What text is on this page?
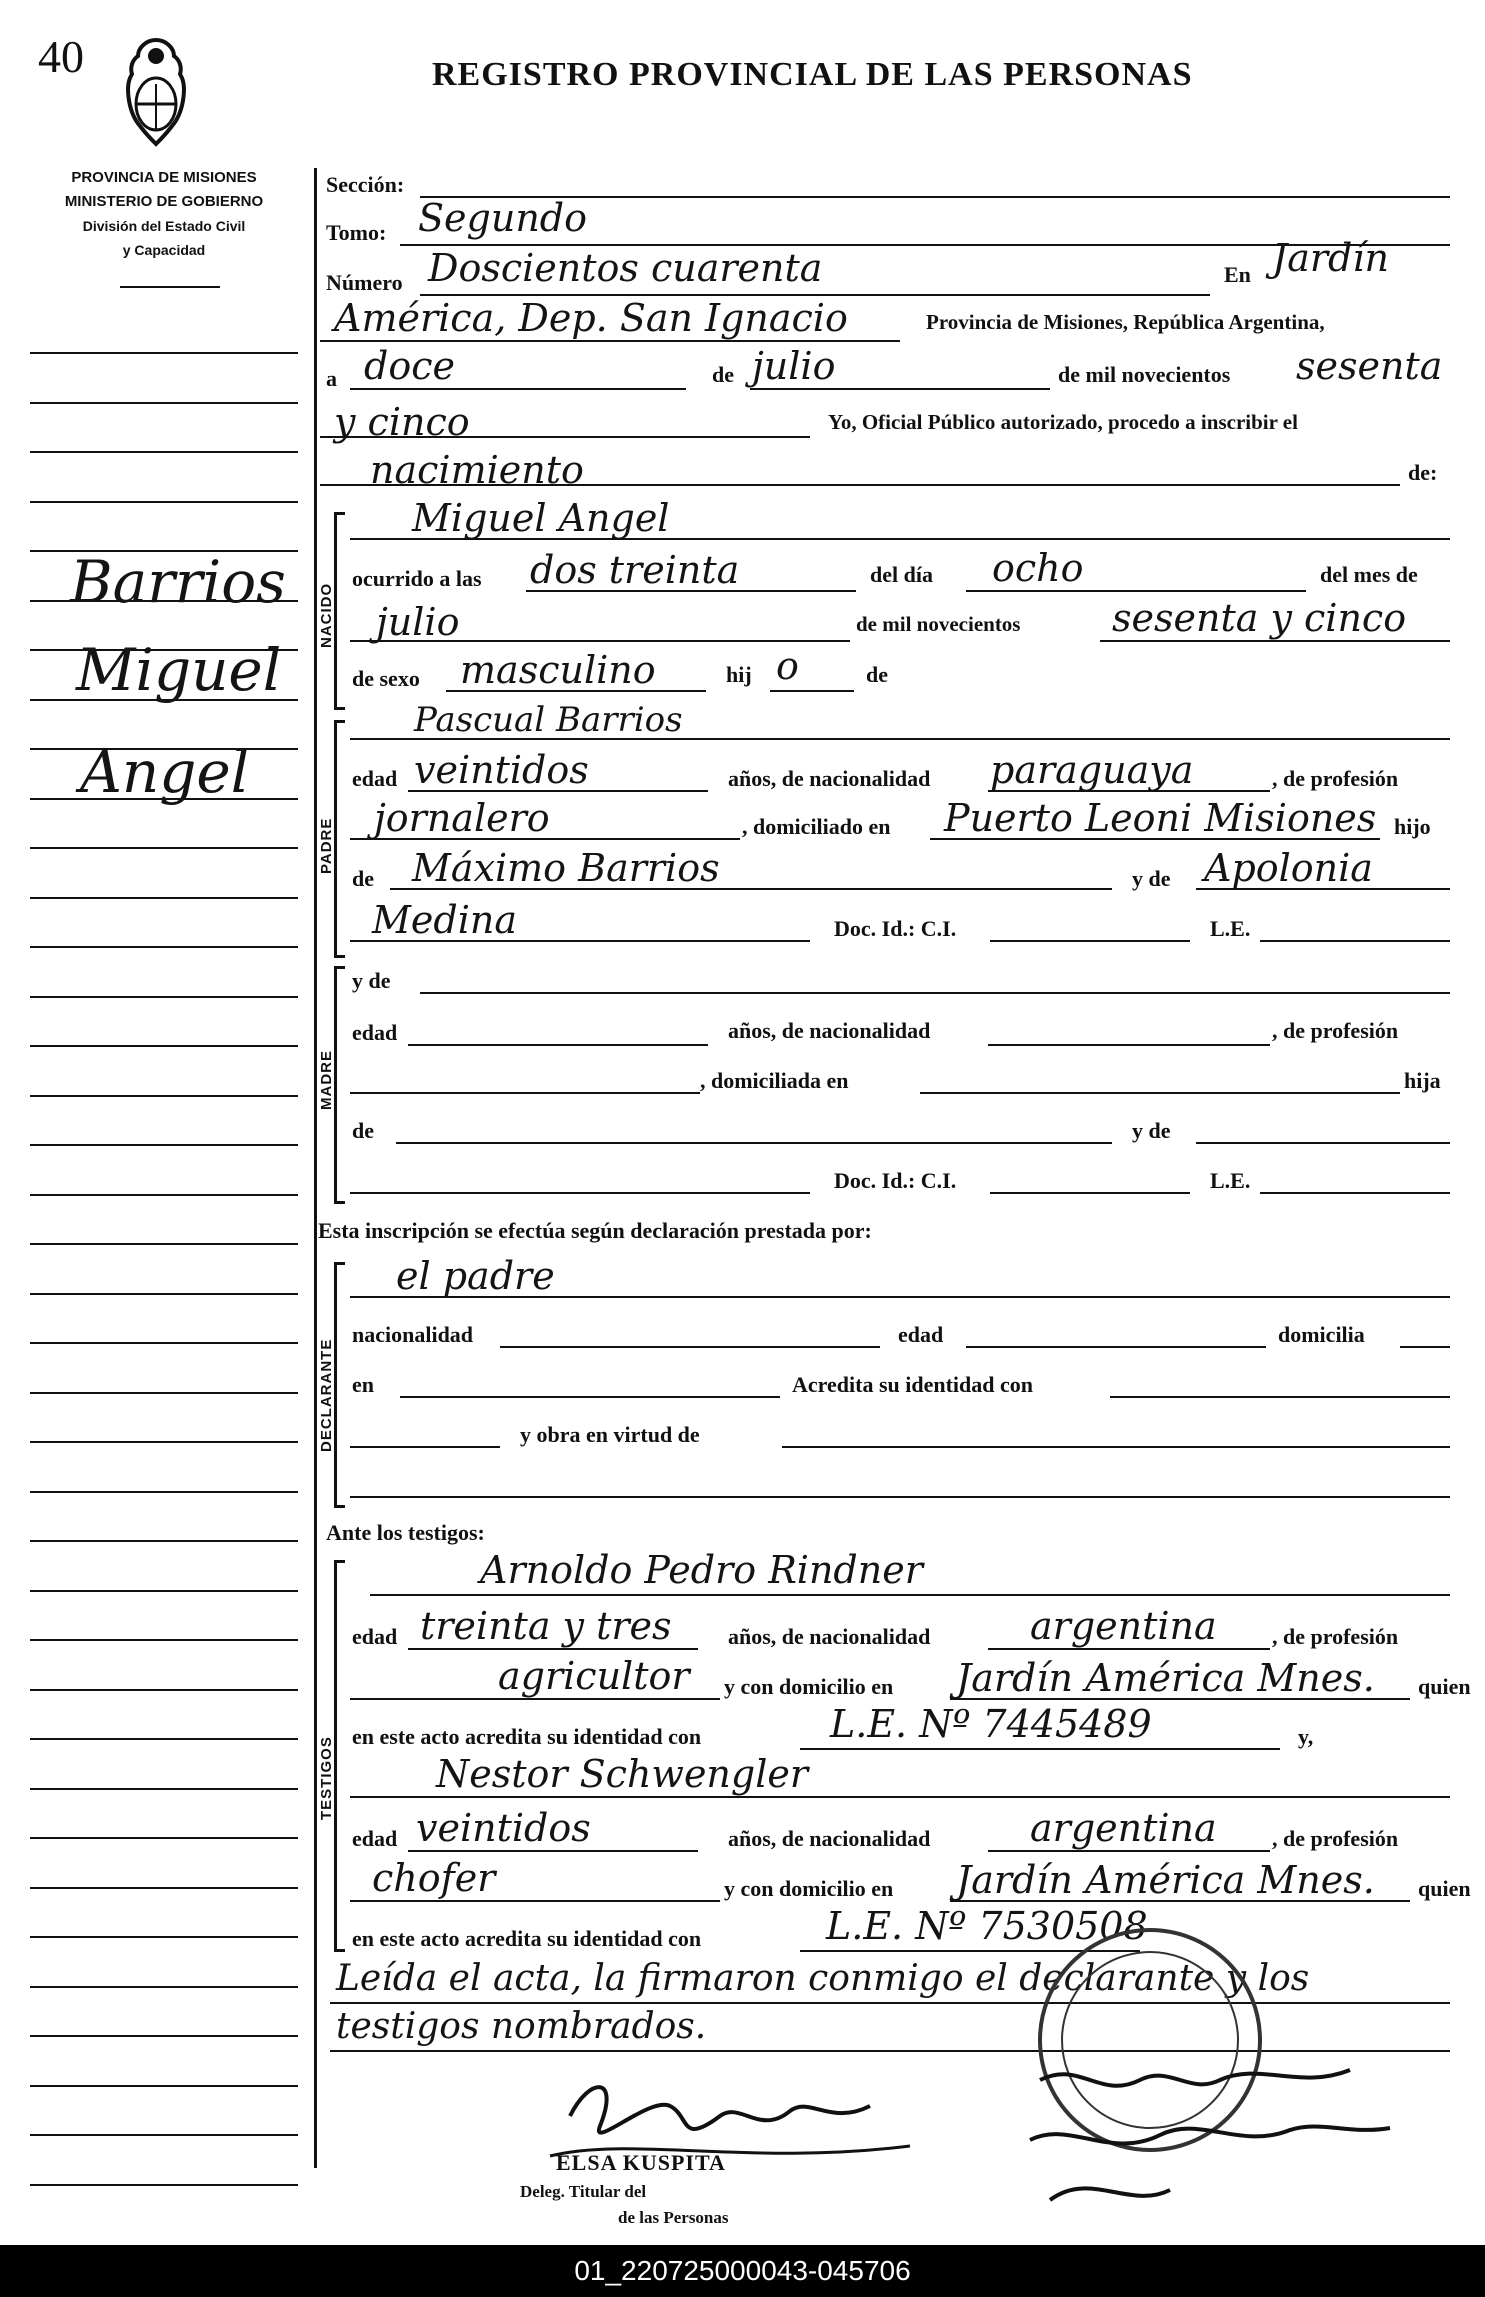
40	REGISTRO PROVINCIAL DE LAS PERSONAS
PROVINCIA DE MISIONES
MINISTERIO DE GOBIERNO
División del Estado Civil
y Capacidad
Barrios
Miguel
Angel
Sección:
Tomo: Segundo
Número Doscientos cuarenta	En Jardín
América, Dep. San Ignacio	Provincia de Misiones, República Argentina,
a doce	de julio	de mil novecientos sesenta
y cinco	Yo, Oficial Público autorizado, procedo a inscribir el
nacimiento	de:
NACIDO
Miguel Angel
ocurrido a las dos treinta	del día ocho	del mes de
julio	de mil novecientos sesenta y cinco
de sexo masculino	hij o	de
PADRE
Pascual Barrios
edad veintidos	años, de nacionalidad paraguaya	, de profesión
jornalero	, domiciliado en Puerto Leoni Misiones hijo
de Máximo Barrios	y de Apolonia
Medina	Doc. Id.: C.I.	L.E.
MADRE
y de
edad	años, de nacionalidad	, de profesión
, domiciliada en	hija
de	y de
Doc. Id.: C.I.	L.E.
Esta inscripción se efectúa según declaración prestada por:
DECLARANTE
el padre
nacionalidad	edad	domicilia
en	Acredita su identidad con
y obra en virtud de
Ante los testigos:
TESTIGOS
Arnoldo Pedro Rindner
edad treinta y tres	años, de nacionalidad	argentina	, de profesión
agricultor y con domicilio en Jardín América Mnes. quien
en este acto acredita su identidad con	L.E. Nº 7445489	y,
Nestor Schwengler
edad veintidos	años, de nacionalidad	argentina	, de profesión
chofer	y con domicilio en Jardín América Mnes. quien
en este acto acredita su identidad con	L.E. Nº 7530508
Leída el acta, la firmaron conmigo el declarante y los
testigos nombrados.
ELSA KUSPITA
Deleg. Titular del
de las Personas
01_220725000043-045706
